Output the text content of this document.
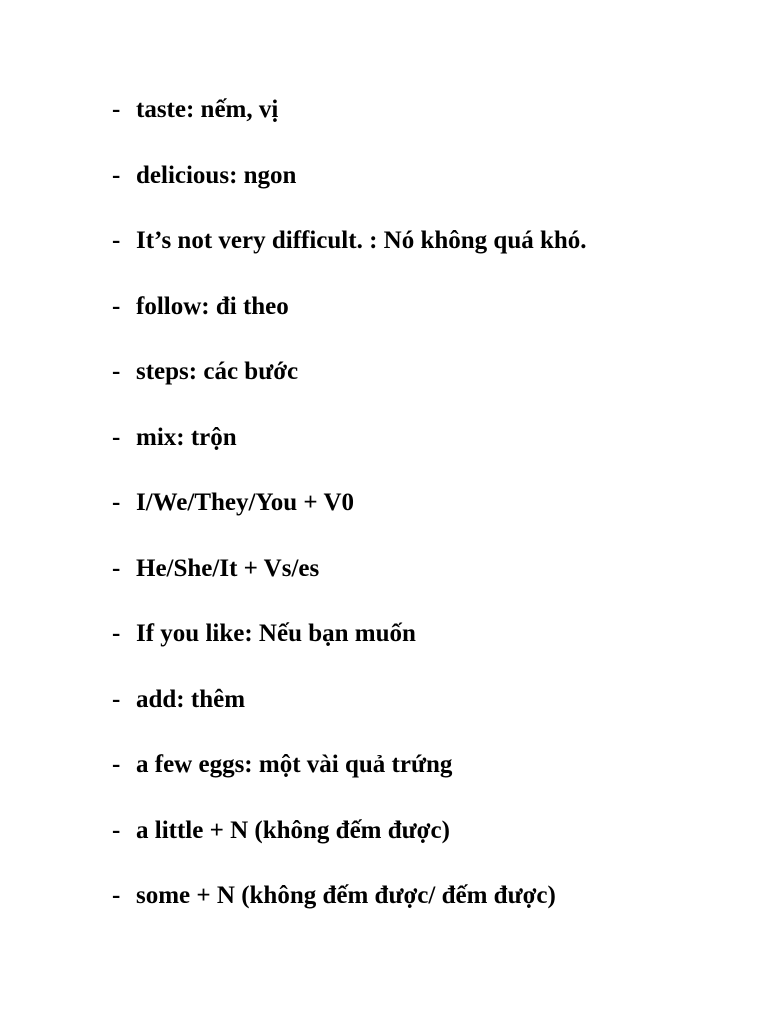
- taste: nếm, vị
- delicious: ngon
- It’s not very difficult. : Nó không quá khó.
- follow: đi theo
- steps: các bước
- mix: trộn
- I/We/They/You + V0
- He/She/It + Vs/es
- If you like: Nếu bạn muốn
- add: thêm
- a few eggs: một vài quả trứng
- a little + N (không đếm được)
- some + N (không đếm được/ đếm được)
